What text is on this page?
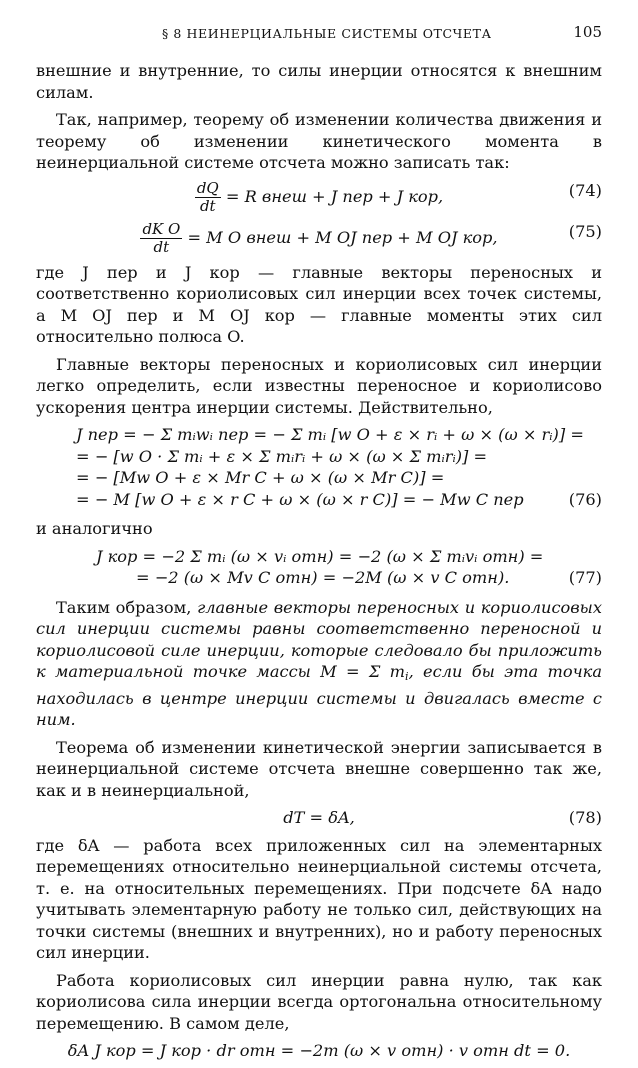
§ 8 НЕИНЕРЦИАЛЬНЫЕ СИСТЕМЫ ОТСЧЕТА	105

внешние и внутренние, то силы инерции относятся к внешним силам.

Так, например, теорему об изменении количества движения и теорему об изменении кинетического момента в неинерциальной системе отсчета можно записать так:

$\frac{dQ}{dt} = R$ внеш + J пер + J кор,	(74)
$\frac{\text{dK O}}{dt} = M$ O внеш + M OJ пер + M OJ кор,	(75)

где J пер и J кор — главные векторы переносных и соответственно кориолисовых сил инерции всех точек системы, а M OJ пер и M OJ кор — главные моменты этих сил относительно полюса O.

Главные векторы переносных и кориолисовых сил инерции легко определить, если известны переносное и кориолисово ускорения центра инерции системы. Действительно,

J пер = − Σ mᵢwᵢ пер = − Σ mᵢ [w O + ε × rᵢ + ω × (ω × rᵢ)] =
= − [w O · Σ mᵢ + ε × Σ mᵢrᵢ + ω × (ω × Σ mᵢrᵢ)] =
= − [Mw O + ε × Mr C + ω × (ω × Mr C)] =
= − M [w O + ε × r C + ω × (ω × r C)] = − Mw C пер	(76)

и аналогично

J кор = −2 Σ mᵢ (ω × vᵢ отн) = −2 (ω × Σ mᵢvᵢ отн) =
= −2 (ω × Mv C отн) = −2M (ω × v C отн).	(77)

Таким образом, главные векторы переносных и кориолисовых сил инерции системы равны соответственно переносной и кориолисовой силе инерции, которые следовало бы приложить к материальной точке массы M = Σ mi, если бы эта точка находилась в центре инерции системы и двигалась вместе с ним.

Теорема об изменении кинетической энергии записывается в неинерциальной системе отсчета внешне совершенно так же, как и в неинерциальной,

dT = δA,	(78)

где δA — работа всех приложенных сил на элементарных перемещениях относительно неинерциальной системы отсчета, т. е. на относительных перемещениях. При подсчете δA надо учитывать элементарную работу не только сил, действующих на точки системы (внешних и внутренних), но и работу переносных сил инерции.

Работа кориолисовых сил инерции равна нулю, так как кориолисова сила инерции всегда ортогональна относительному перемещению. В самом деле,

δA J кор = J кор · dr отн = −2m (ω × v отн) · v отн dt = 0.
